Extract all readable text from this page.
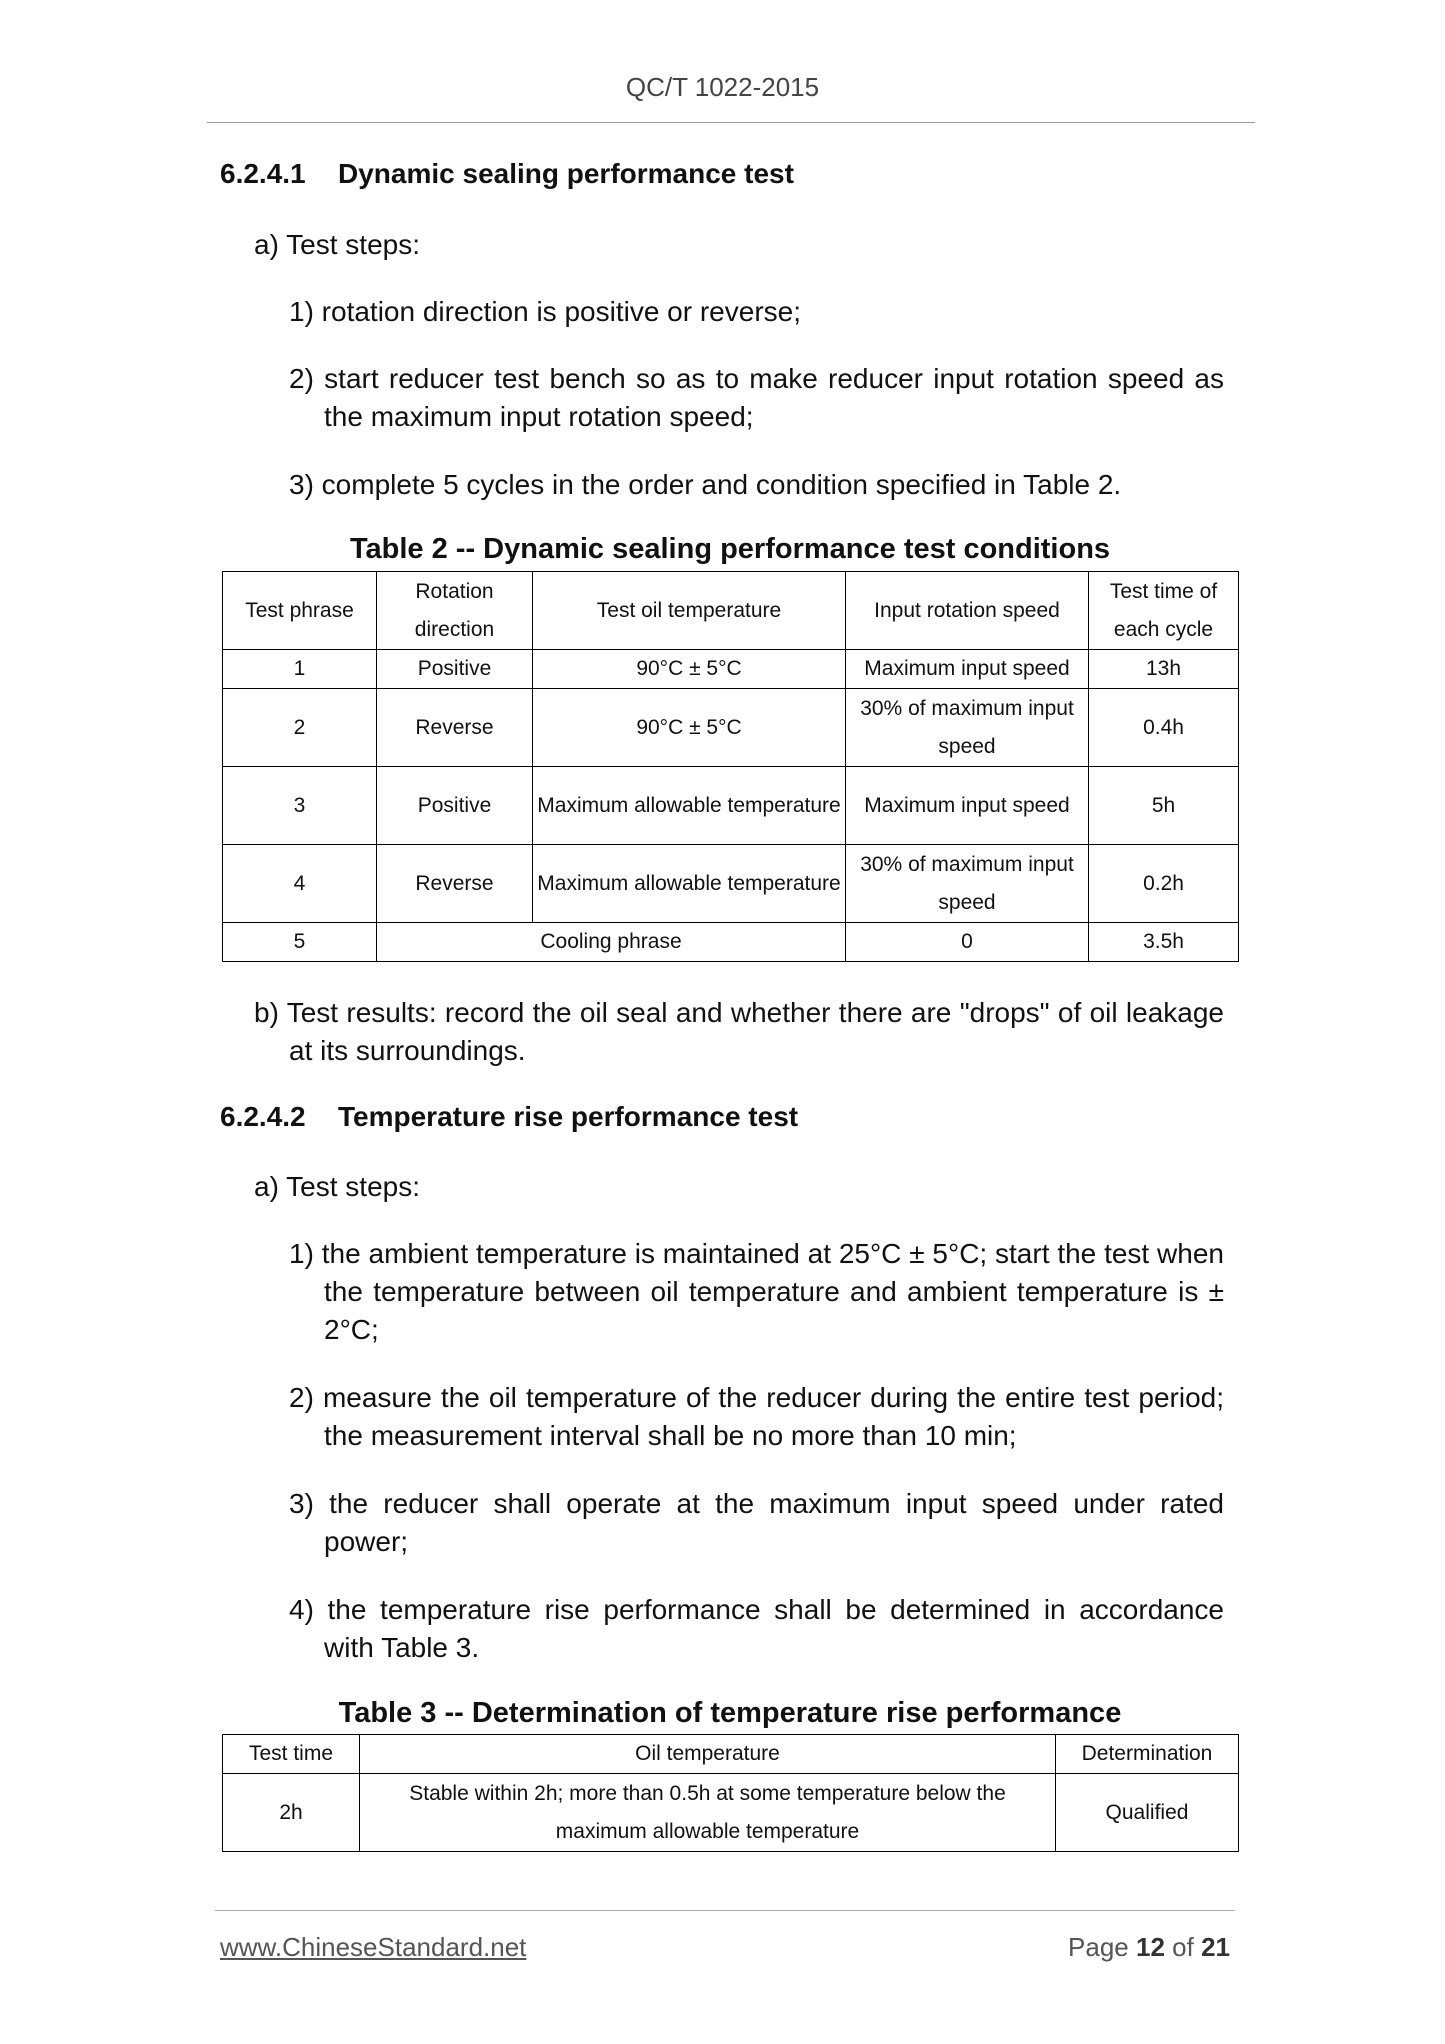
QC/T 1022-2015
6.2.4.1 Dynamic sealing performance test
a) Test steps:
1) rotation direction is positive or reverse;
2) start reducer test bench so as to make reducer input rotation speed as the maximum input rotation speed;
3) complete 5 cycles in the order and condition specified in Table 2.
Table 2 -- Dynamic sealing performance test conditions
Test phrase	Rotation direction	Test oil temperature	Input rotation speed	Test time of each cycle
1	Positive	90°C ± 5°C	Maximum input speed	13h
2	Reverse	90°C ± 5°C	30% of maximum input speed	0.4h
3	Positive	Maximum allowable temperature	Maximum input speed	5h
4	Reverse	Maximum allowable temperature	30% of maximum input speed	0.2h
5	Cooling phrase		0	3.5h
b) Test results: record the oil seal and whether there are "drops" of oil leakage at its surroundings.
6.2.4.2 Temperature rise performance test
a) Test steps:
1) the ambient temperature is maintained at 25°C ± 5°C; start the test when the temperature between oil temperature and ambient temperature is ± 2°C;
2) measure the oil temperature of the reducer during the entire test period; the measurement interval shall be no more than 10 min;
3) the reducer shall operate at the maximum input speed under rated power;
4) the temperature rise performance shall be determined in accordance with Table 3.
Table 3 -- Determination of temperature rise performance
Test time	Oil temperature	Determination
2h	Stable within 2h; more than 0.5h at some temperature below the maximum allowable temperature	Qualified
www.ChineseStandard.net	Page 12 of 21
